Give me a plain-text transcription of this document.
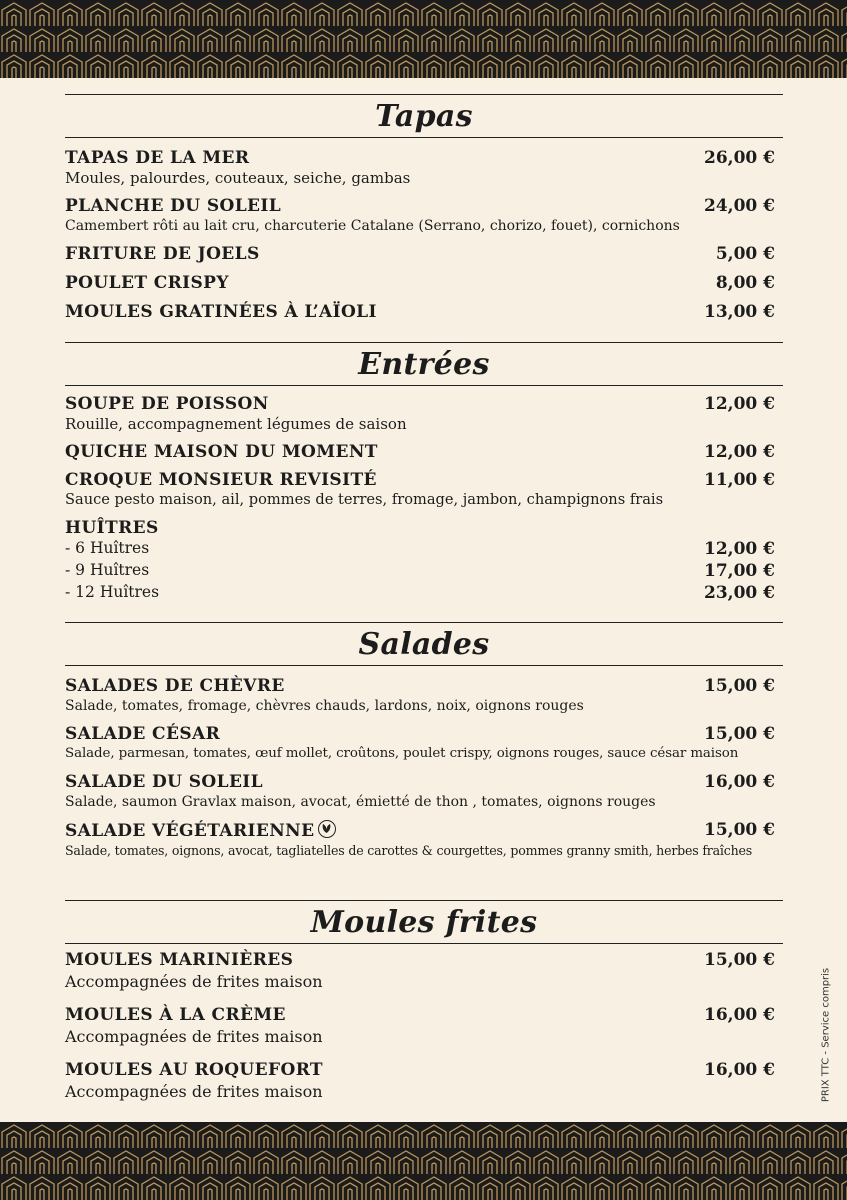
Tapas
TAPAS DE LA MER	26,00 €
Moules, palourdes, couteaux, seiche, gambas
PLANCHE DU SOLEIL	24,00 €
Camembert rôti au lait cru, charcuterie Catalane (Serrano, chorizo, fouet), cornichons
FRITURE DE JOELS	5,00 €
POULET CRISPY	8,00 €
MOULES GRATINÉES À L’AÏOLI	13,00 €
Entrées
SOUPE DE POISSON	12,00 €
Rouille, accompagnement légumes de saison
QUICHE MAISON DU MOMENT	12,00 €
CROQUE MONSIEUR REVISITÉ	11,00 €
Sauce pesto maison, ail, pommes de terres, fromage, jambon, champignons frais
HUÎTRES
- 6 Huîtres	12,00 €
- 9 Huîtres	17,00 €
- 12 Huîtres	23,00 €
Salades
SALADES DE CHÈVRE	15,00 €
Salade, tomates, fromage, chèvres chauds, lardons, noix, oignons rouges
SALADE CÉSAR	15,00 €
Salade, parmesan, tomates, œuf mollet, croûtons, poulet crispy, oignons rouges, sauce césar maison
SALADE DU SOLEIL	16,00 €
Salade, saumon Gravlax maison, avocat, émietté de thon , tomates, oignons rouges
SALADE VÉGÉTARIENNE	15,00 €
Salade, tomates, oignons, avocat, tagliatelles de carottes & courgettes, pommes granny smith, herbes fraîches
Moules frites
MOULES MARINIÈRES	15,00 €
Accompagnées de frites maison
MOULES À LA CRÈME	16,00 €
Accompagnées de frites maison
MOULES AU ROQUEFORT	16,00 €
Accompagnées de frites maison	PRIX TTC - Service compris
